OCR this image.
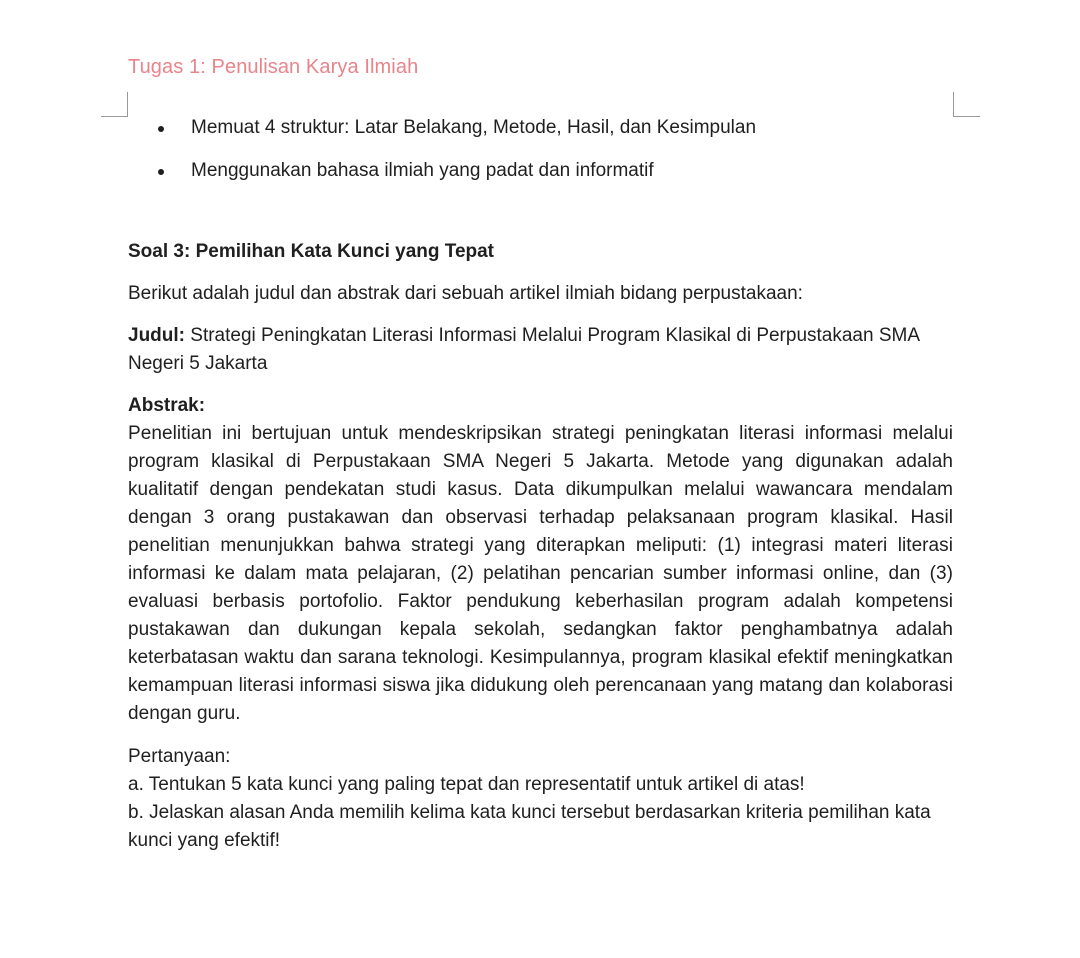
Tugas 1: Penulisan Karya Ilmiah
Memuat 4 struktur: Latar Belakang, Metode, Hasil, dan Kesimpulan
Menggunakan bahasa ilmiah yang padat dan informatif
Soal 3: Pemilihan Kata Kunci yang Tepat

Berikut adalah judul dan abstrak dari sebuah artikel ilmiah bidang perpustakaan:

Judul: Strategi Peningkatan Literasi Informasi Melalui Program Klasikal di Perpustakaan SMA Negeri 5 Jakarta

Abstrak:

Penelitian ini bertujuan untuk mendeskripsikan strategi peningkatan literasi informasi melalui program klasikal di Perpustakaan SMA Negeri 5 Jakarta. Metode yang digunakan adalah kualitatif dengan pendekatan studi kasus. Data dikumpulkan melalui wawancara mendalam dengan 3 orang pustakawan dan observasi terhadap pelaksanaan program klasikal. Hasil penelitian menunjukkan bahwa strategi yang diterapkan meliputi: (1) integrasi materi literasi informasi ke dalam mata pelajaran, (2) pelatihan pencarian sumber informasi online, dan (3) evaluasi berbasis portofolio. Faktor pendukung keberhasilan program adalah kompetensi pustakawan dan dukungan kepala sekolah, sedangkan faktor penghambatnya adalah keterbatasan waktu dan sarana teknologi. Kesimpulannya, program klasikal efektif meningkatkan kemampuan literasi informasi siswa jika didukung oleh perencanaan yang matang dan kolaborasi dengan guru.

Pertanyaan:

a. Tentukan 5 kata kunci yang paling tepat dan representatif untuk artikel di atas!

b. Jelaskan alasan Anda memilih kelima kata kunci tersebut berdasarkan kriteria pemilihan kata kunci yang efektif!
